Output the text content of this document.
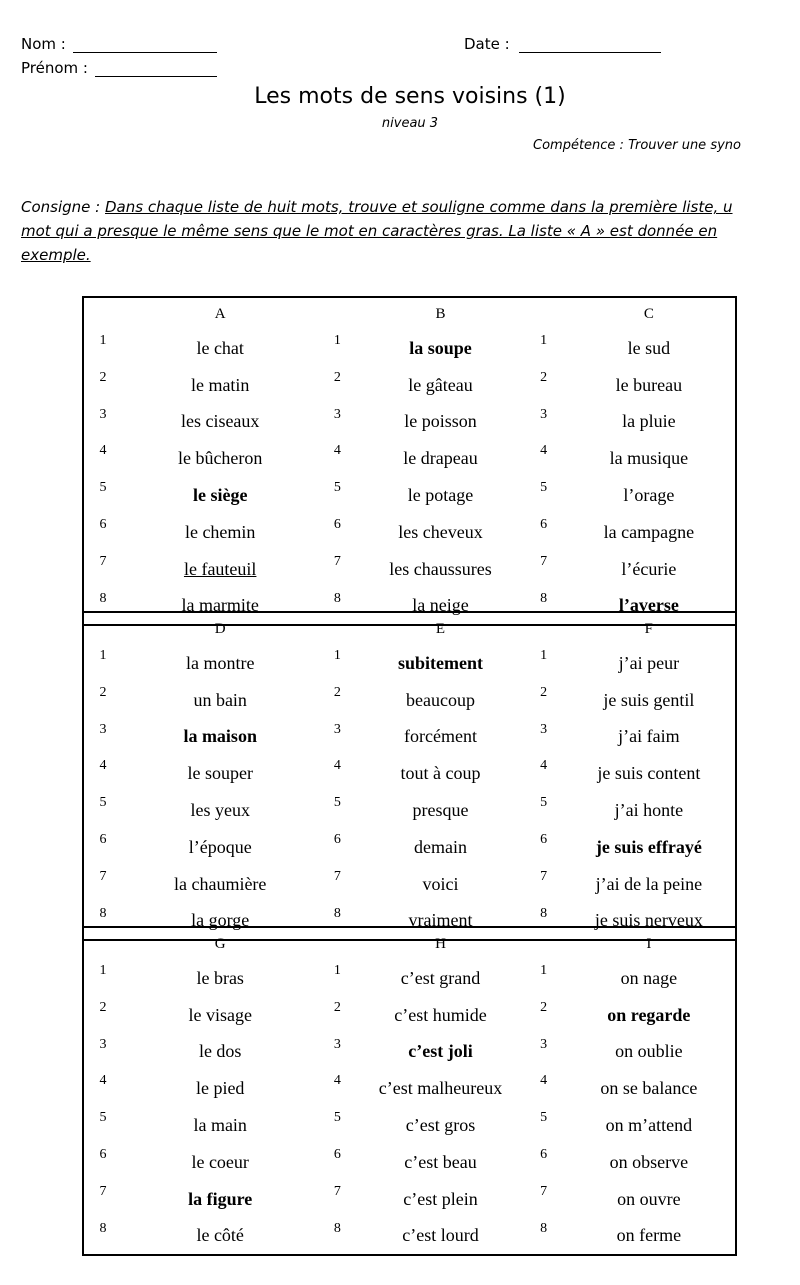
Nom :
Prénom :
Date :
Les mots de sens voisins (1)
niveau 3
Compétence : Trouver une syno
Consigne : Dans chaque liste de huit mots, trouve et souligne comme dans la première liste, u
mot qui a presque le même sens que le mot en caractères gras. La liste « A » est donnée en
exemple.
	A		B		C
1	le chat	1	la soupe	1	le sud
2	le matin	2	le gâteau	2	le bureau
3	les ciseaux	3	le poisson	3	la pluie
4	le bûcheron	4	le drapeau	4	la musique
5	le siège	5	le potage	5	l’orage
6	le chemin	6	les cheveux	6	la campagne
7	le fauteuil	7	les chaussures	7	l’écurie
8	la marmite	8	la neige	8	l’averse
	D		E		F
1	la montre	1	subitement	1	j’ai peur
2	un bain	2	beaucoup	2	je suis gentil
3	la maison	3	forcément	3	j’ai faim
4	le souper	4	tout à coup	4	je suis content
5	les yeux	5	presque	5	j’ai honte
6	l’époque	6	demain	6	je suis effrayé
7	la chaumière	7	voici	7	j’ai de la peine
8	la gorge	8	vraiment	8	je suis nerveux
	G		H		I
1	le bras	1	c’est grand	1	on nage
2	le visage	2	c’est humide	2	on regarde
3	le dos	3	c’est joli	3	on oublie
4	le pied	4	c’est malheureux	4	on se balance
5	la main	5	c’est gros	5	on m’attend
6	le coeur	6	c’est beau	6	on observe
7	la figure	7	c’est plein	7	on ouvre
8	le côté	8	c’est lourd	8	on ferme
